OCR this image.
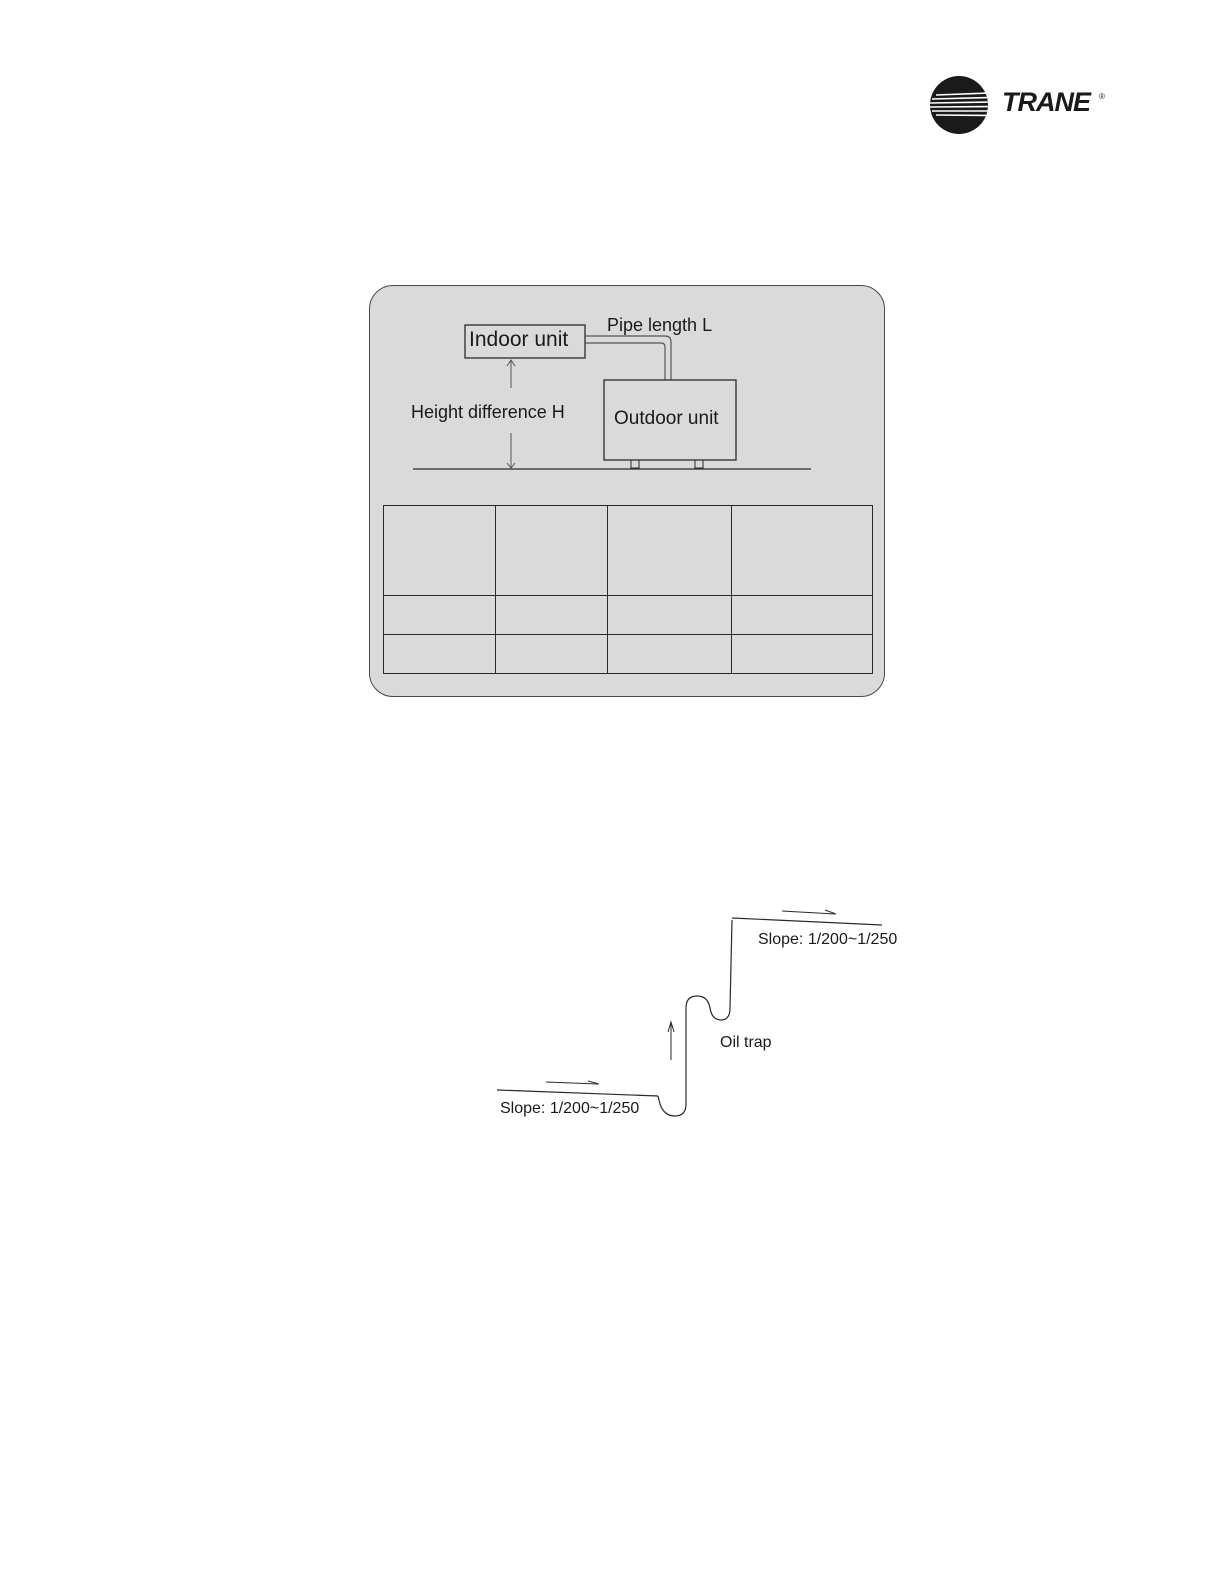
TRANE ®
Indoor unit
Pipe length L
Height difference H	Outdoor unit

Slope: 1/200~1/250
Slope: 1/200~1/250
Oil trap
